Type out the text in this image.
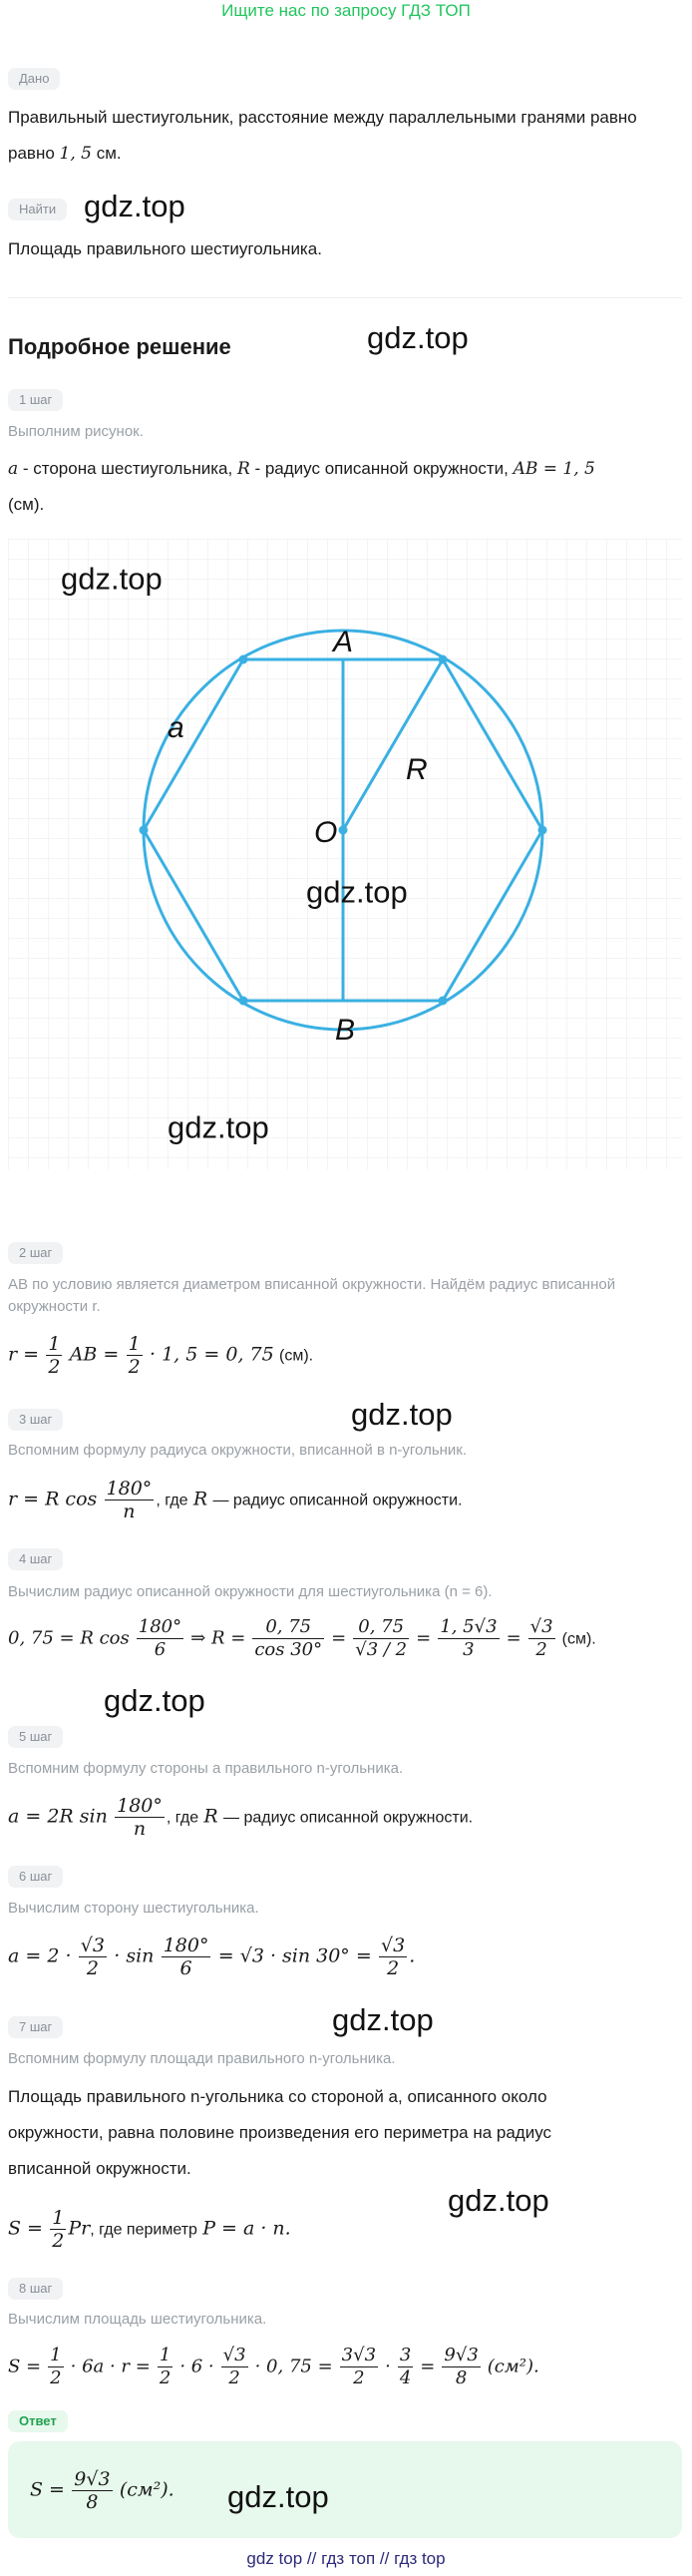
Ищите нас по запросу ГДЗ ТОП
Дано
Правильный шестиугольник, расстояние между параллельными гранями равно
равно 1, 5 см.
Найти gdz.top
Площадь правильного шестиугольника.
Подробное решение	gdz.top
1 шаг
Выполним рисунок.
a - сторона шестиугольника, R - радиус описанной окружности, AB = 1, 5
(см).
A
B
O
R
a
gdz.top
gdz.top
gdz.top
2 шаг
AB по условию является диаметром вписанной окружности. Найдём радиус вписанной окружности r.
$r = \frac{1}{2}$ AB = $\frac{1}{2} \cdot 1$, 5 = 0, 75 (см).
3 шаг	gdz.top
Вспомним формулу радиуса окружности, вписанной в n-угольник.
r = R $\cos \frac{180^\circ}{n}$ , где R — радиус описанной окружности.
4 шаг
Вычислим радиус описанной окружности для шестиугольника (n = 6).
0, 75 = R $\cos \frac{180^\circ}{6}$ ⇒ $R = \frac{0, 75}{\cos 30^\circ} = \frac{0, 75}{√3 / 2} = \frac{1, 5√3}{3} = \frac{√3}{2} (см)$.
gdz.top
5 шаг
Вспомним формулу стороны a правильного n-угольника.
a = 2R $\sin \frac{180^\circ}{n}$ , где R — радиус описанной окружности.
6 шаг
Вычислим сторону шестиугольника.
$a = 2 \cdot \frac{√3}{2} \cdot \sin \frac{180^\circ}{6} = √3 \cdot \sin 30^\circ = \frac{√3}{2}$ .
7 шаг	gdz.top
Вспомним формулу площади правильного n-угольника.
Площадь правильного n-угольника со стороной a, описанного около
окружности, равна половине произведения его периметра на радиус
вписанной окружности.
gdz.top
$S = \frac{1}{2} Pr$, где периметр P = a · n.
8 шаг
Вычислим площадь шестиугольника.
$S = \frac{1}{2} \cdot 6a \cdot r = \frac{1}{2} \cdot 6 \cdot \frac{√3}{2} \cdot 0$, $75 = \frac{3√3}{2} \cdot \frac{3}{4} = \frac{9√3}{8} (см^2)$.
Ответ
$S = \frac{9√3}{8} (см^2)$. gdz.top
gdz top // гдз топ // гдз top
